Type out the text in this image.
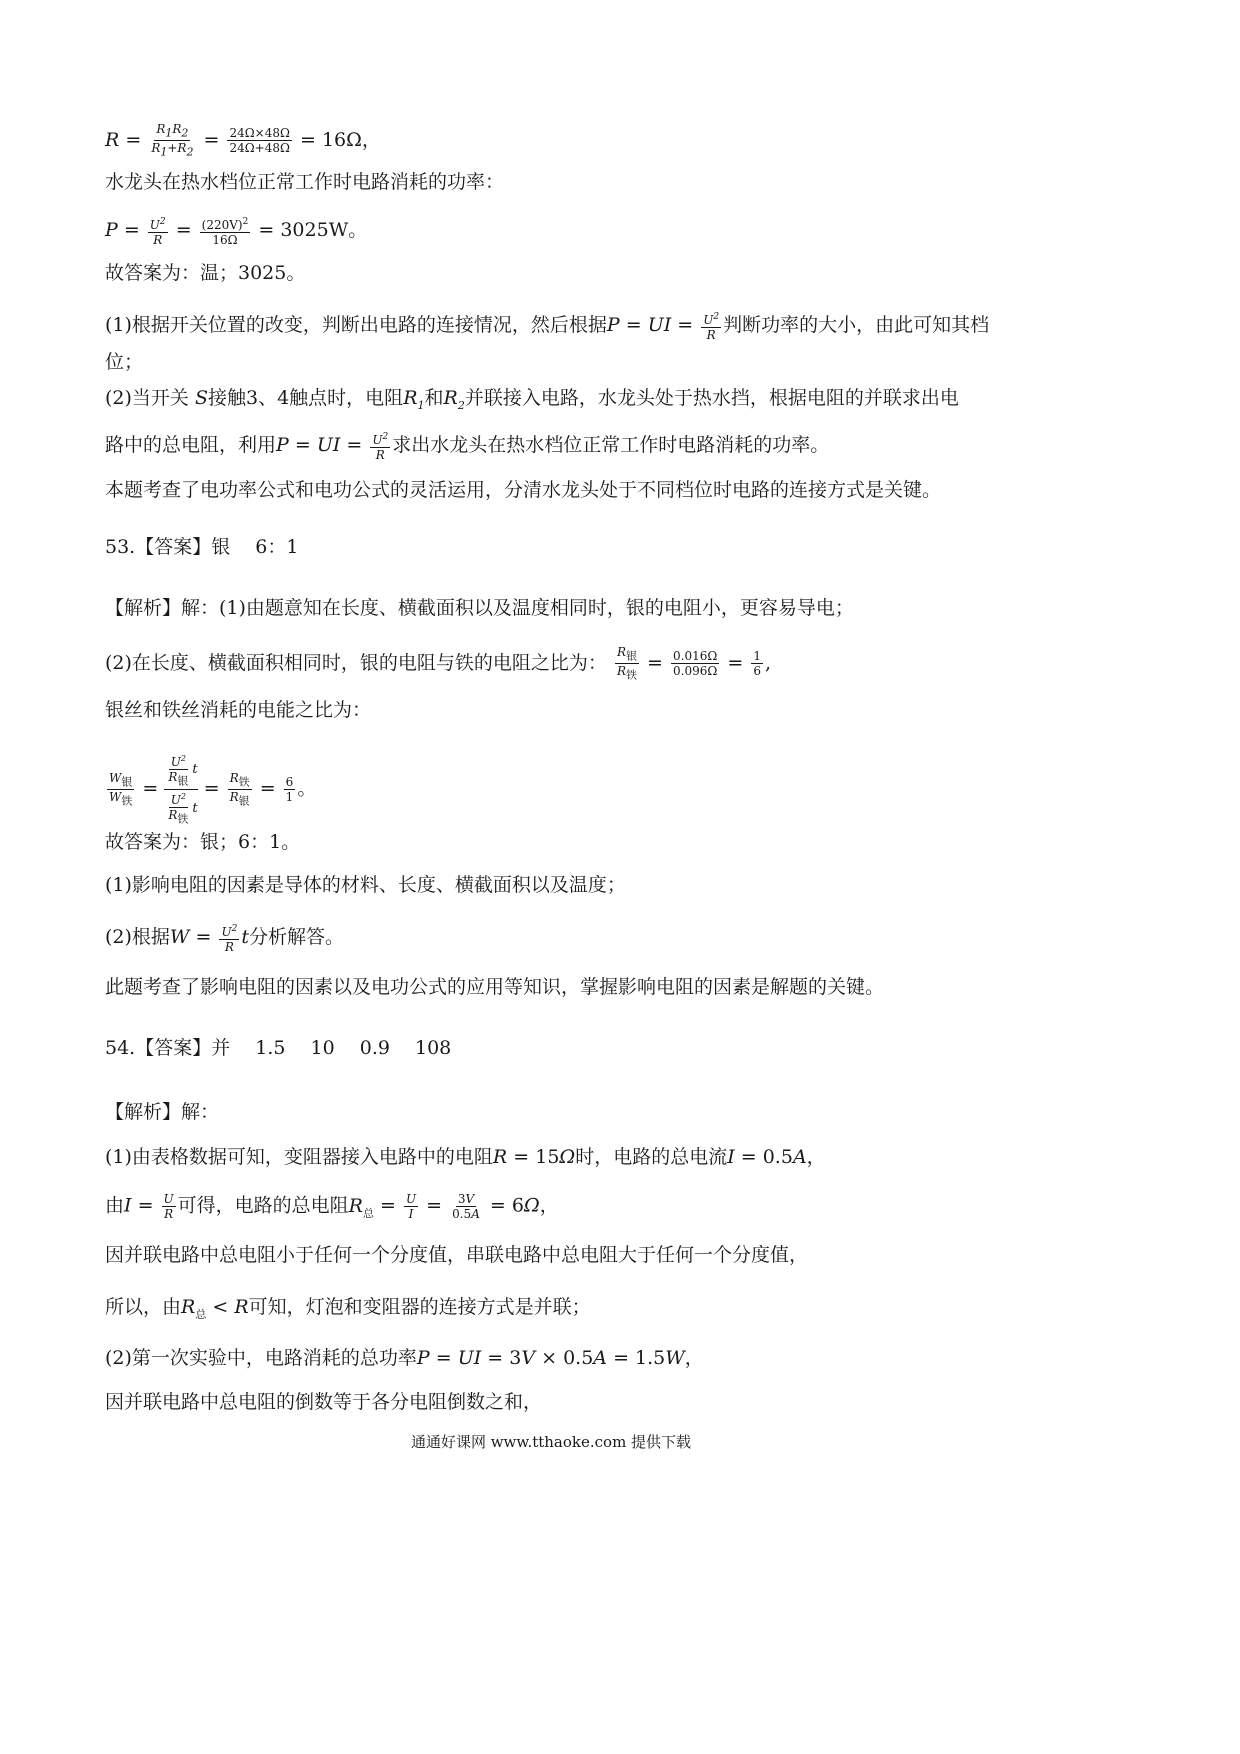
$R = \frac{R_1R_2}{R_1+R_2} = \frac{24\Omega\times 48\Omega}{24\Omega+48\Omega} = 16\Omega$，
水龙头在热水档位正常工作时电路消耗的功率：
$P = \frac{U^2}{R} = \frac{(220V)^2}{16\Omega} = 3025W$。
故答案为：温；3025。
(1)根据开关位置的改变，判断出电路的连接情况，然后根据P = UI = $\frac{U^2}{R}$ 判断功率的大小，由此可知其档
位；
(2)当开关 S接触3、4触点时，电阻$R_1$和$R_2$并联接入电路，水龙头处于热水挡，根据电阻的并联求出电
路中的总电阻，利用P = UI = $\frac{U^2}{R}$ 求出水龙头在热水档位正常工作时电路消耗的功率。
本题考查了电功率公式和电功公式的灵活运用，分清水龙头处于不同档位时电路的连接方式是关键。
53.【答案】银　 6：1
【解析】解：(1)由题意知在长度、横截面积以及温度相同时，银的电阻小，更容易导电；
(2)在长度、横截面积相同时，银的电阻与铁的电阻之比为： $\frac{R_银}{R_铁} = \frac{0.016\Omega}{0.096\Omega} = \frac{1}{6}$ ,
银丝和铁丝消耗的电能之比为：
$\frac{W_银}{W_铁} = \frac{U^2}{R_银}$ t
$\frac{U^2}{R_铁}$ t
= $\frac{R_铁}{R_银} = \frac{6}{1}$ 。
故答案为：银；6：1。
(1)影响电阻的因素是导体的材料、长度、横截面积以及温度；
(2)根据$W = \frac{U^2}{R}$ t分析解答。
此题考查了影响电阻的因素以及电功公式的应用等知识，掌握影响电阻的因素是解题的关键。
54.【答案】并　 1.5　 10　 0.9　 108
【解析】解：
(1)由表格数据可知，变阻器接入电路中的电阻R = 15Ω时，电路的总电流I = 0.5A，
由$I = \frac{U}{R}$ 可得，电路的总电阻$R_总 = \frac{U}{I} = \frac{3V}{0.5A} = 6\Omega$，
因并联电路中总电阻小于任何一个分度值，串联电路中总电阻大于任何一个分度值，
所以，由$R_总 < R$可知，灯泡和变阻器的连接方式是并联；
(2)第一次实验中，电路消耗的总功率P = UI = 3V × 0.5A = 1.5W，
因并联电路中总电阻的倒数等于各分电阻倒数之和，
通通好课网 www.tthaoke.com 提供下载
